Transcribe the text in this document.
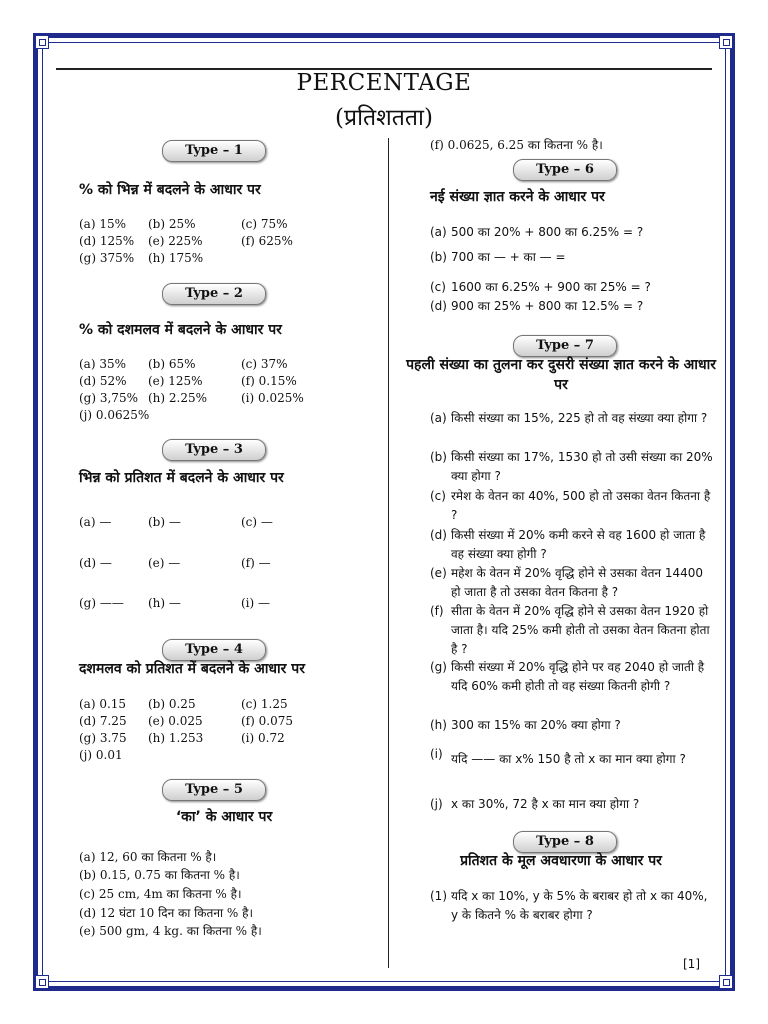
PERCENTAGE
(प्रतिशतता)
Type – 1
% को भिन्न में बदलने के आधार पर
(a) 15% (b) 25%	(c) 75%
(d) 125% (e) 225%	(f) 625%
(g) 375% (h) 175%
Type – 2
% को दशमलव में बदलने के आधार पर
(a) 35% (b) 65%	(c) 37%
(d) 52% (e) 125%	(f) 0.15%
(g) 3,75% (h) 2.25%	(i) 0.025%
(j) 0.0625%
Type – 3
भिन्न को प्रतिशत में बदलने के आधार पर
(a) —	(b) —	(c) —
(d) —	(e) —	(f) —
(g) —— (h) —	(i) —
Type – 4
दशमलव को प्रतिशत में बदलने के आधार पर
(a) 0.15 (b) 0.25	(c) 1.25
(d) 7.25 (e) 0.025	(f) 0.075
(g) 3.75 (h) 1.253	(i) 0.72
(j) 0.01
Type – 5
‘का’ के आधार पर
(a) 12, 60 का कितना % है।
(b) 0.15, 0.75 का कितना % है।
(c) 25 cm, 4m का कितना % है।
(d) 12 घंटा 10 दिन का कितना % है।
(e) 500 gm, 4 kg. का कितना % है।
(f) 0.0625, 6.25 का कितना % है।
Type – 6
नई संख्या ज्ञात करने के आधार पर
(a) 500 का 20% + 800 का 6.25% = ?
(b) 700 का — + का — =
(c) 1600 का 6.25% + 900 का 25% = ?
(d) 900 का 25% + 800 का 12.5% = ?
Type – 7
पहली संख्या का तुलना कर दुसरी संख्या ज्ञात करने के आधार पर
(a) किसी संख्या का 15%, 225 हो तो वह संख्या क्या होगा ?
(b) किसी संख्या का 17%, 1530 हो तो उसी संख्या का 20% क्या होगा ?
(c) रमेश के वेतन का 40%, 500 हो तो उसका वेतन कितना है ?
(d) किसी संख्या में 20% कमी करने से वह 1600 हो जाता है वह संख्या क्या होगी ?
(e) महेश के वेतन में 20% वृद्धि होने से उसका वेतन 14400 हो जाता है तो उसका वेतन कितना है ?
(f) सीता के वेतन में 20% वृद्धि होने से उसका वेतन 1920 हो जाता है। यदि 25% कमी होती तो उसका वेतन कितना होता है ?
(g) किसी संख्या में 20% वृद्धि होने पर वह 2040 हो जाती है यदि 60% कमी होती तो वह संख्या कितनी होगी ?
(h) 300 का 15% का 20% क्या होगा ?
(i) यदि —— का x% 150 है तो x का मान क्या होगा ?
(j) x का 30%, 72 है x का मान क्या होगा ?
Type – 8
प्रतिशत के मूल अवधारणा के आधार पर
(1) यदि x का 10%, y के 5% के बराबर हो तो x का 40%, y के कितने % के बराबर होगा ?
[1]
